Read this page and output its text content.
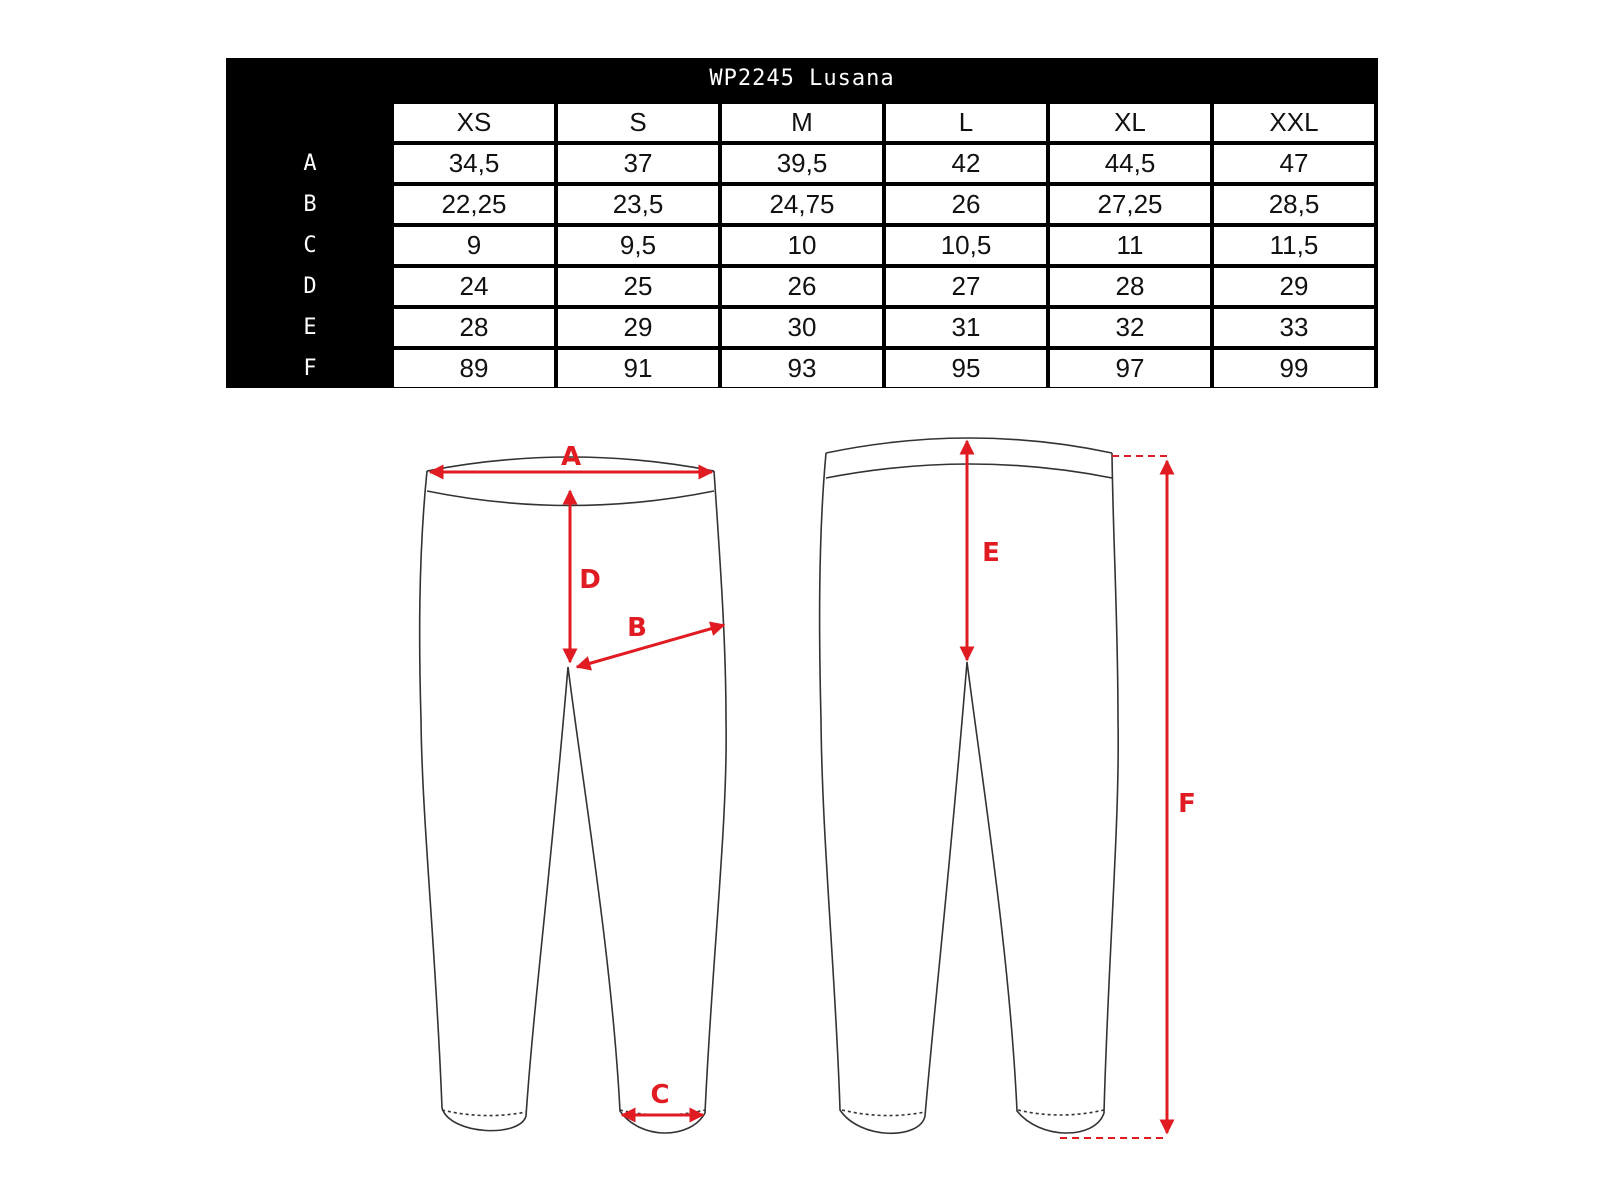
WP2245 Lusana
XS	S	M	L	XL	XXL
A	34,5	37	39,5	42	44,5	47
B	22,25	23,5	24,75	26	27,25	28,5
C	9	9,5	10	10,5	11	11,5
D	24	25	26	27	28	29
E	28	29	30	31	32	33
F	89	91	93	95	97	99
A
D
B
C
E
F
